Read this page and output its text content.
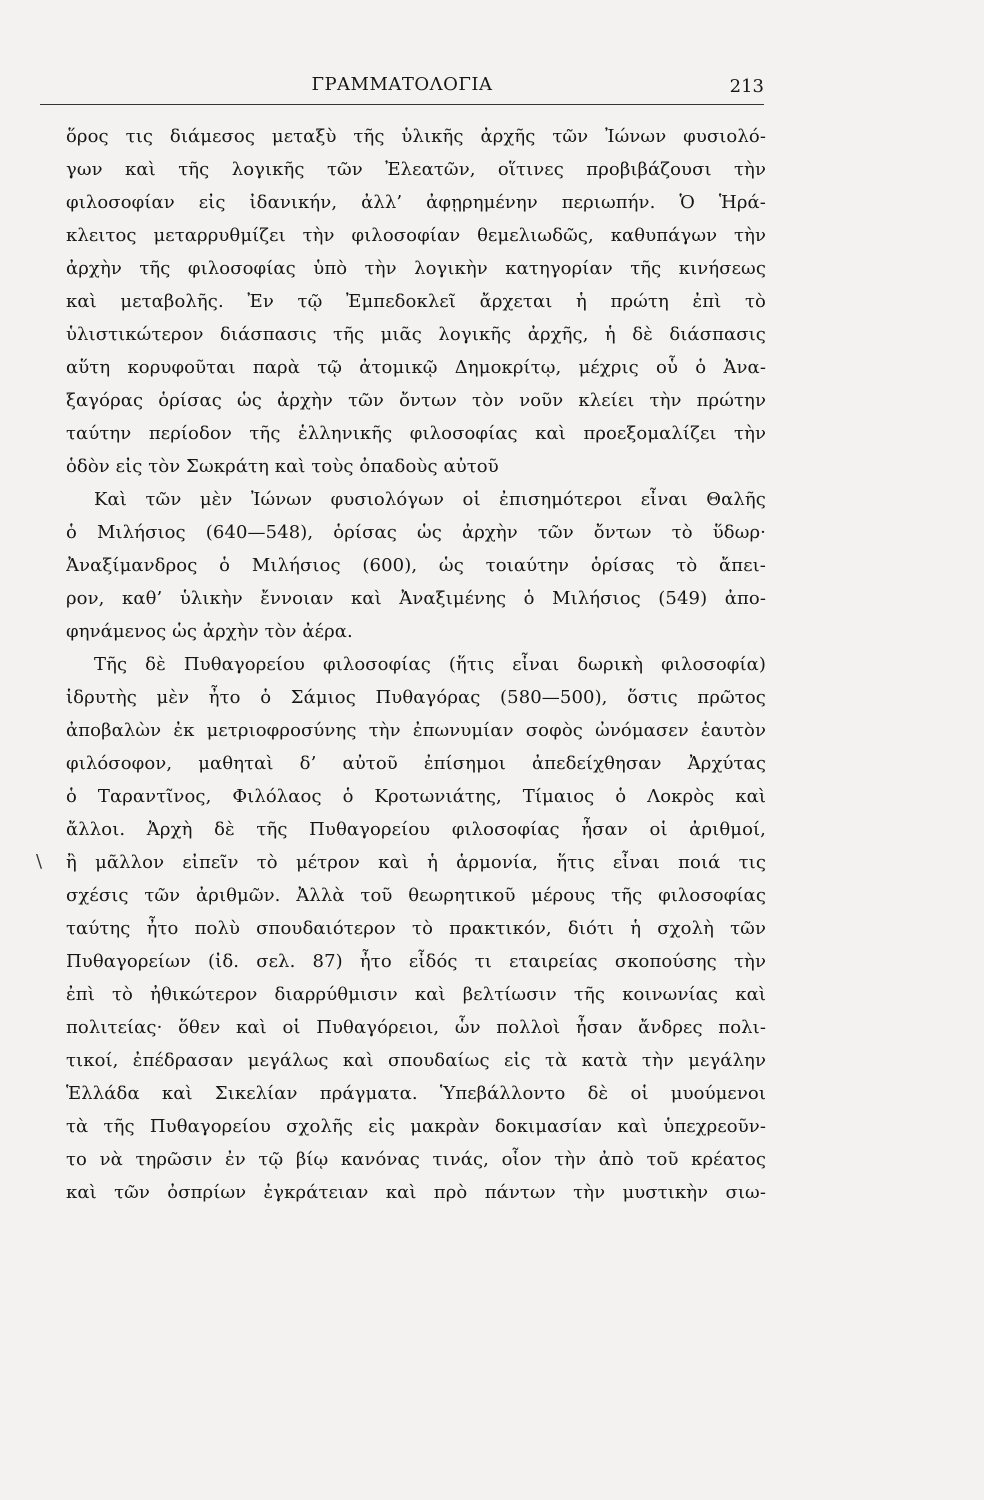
ΓΡΑΜΜΑΤΟΛΟΓΙΑ	213
\
ὅρος τις διάμεσος μεταξὺ τῆς ὑλικῆς ἀρχῆς τῶν Ἰώνων φυσιολό-
γων καὶ τῆς λογικῆς τῶν Ἐλεατῶν, οἵτινες προβιβάζουσι τὴν
φιλοσοφίαν εἰς ἰδανικήν, ἀλλ’ ἀφῃρημένην περιωπήν. Ὁ Ἡρά-
κλειτος μεταρρυθμίζει τὴν φιλοσοφίαν θεμελιωδῶς, καθυπάγων τὴν
ἀρχὴν τῆς φιλοσοφίας ὑπὸ τὴν λογικὴν κατηγορίαν τῆς κινήσεως
καὶ μεταβολῆς. Ἐν τῷ Ἐμπεδοκλεῖ ἄρχεται ἡ πρώτη ἐπὶ τὸ
ὑλιστικώτερον διάσπασις τῆς μιᾶς λογικῆς ἀρχῆς, ἡ δὲ διάσπασις
αὕτη κορυφοῦται παρὰ τῷ ἀτομικῷ Δημοκρίτῳ, μέχρις οὗ ὁ Ἀνα-
ξαγόρας ὁρίσας ὡς ἀρχὴν τῶν ὄντων τὸν νοῦν κλείει τὴν πρώτην
ταύτην περίοδον τῆς ἑλληνικῆς φιλοσοφίας καὶ προεξομαλίζει τὴν
ὁδὸν εἰς τὸν Σωκράτη καὶ τοὺς ὀπαδοὺς αὐτοῦ
Καὶ τῶν μὲν Ἰώνων φυσιολόγων οἱ ἐπισημότεροι εἶναι Θαλῆς
ὁ Μιλήσιος (640—548), ὁρίσας ὡς ἀρχὴν τῶν ὄντων τὸ ὕδωρ·
Ἀναξίμανδρος ὁ Μιλήσιος (600), ὡς τοιαύτην ὁρίσας τὸ ἄπει-
ρον, καθ’ ὑλικὴν ἔννοιαν καὶ Ἀναξιμένης ὁ Μιλήσιος (549) ἀπο-
φηνάμενος ὡς ἀρχὴν τὸν ἀέρα.
Τῆς δὲ Πυθαγορείου φιλοσοφίας (ἥτις εἶναι δωρικὴ φιλοσοφία)
ἱδρυτὴς μὲν ἦτο ὁ Σάμιος Πυθαγόρας (580—500), ὅστις πρῶτος
ἀποβαλὼν ἐκ μετριοφροσύνης τὴν ἐπωνυμίαν σοφὸς ὠνόμασεν ἑαυτὸν
φιλόσοφον, μαθηταὶ δ’ αὐτοῦ ἐπίσημοι ἀπεδείχθησαν Ἀρχύτας
ὁ Ταραντῖνος, Φιλόλαος ὁ Κροτωνιάτης, Τίμαιος ὁ Λοκρὸς καὶ
ἄλλοι. Ἀρχὴ δὲ τῆς Πυθαγορείου φιλοσοφίας ἦσαν οἱ ἀριθμοί,
ἢ μᾶλλον εἰπεῖν τὸ μέτρον καὶ ἡ ἁρμονία, ἥτις εἶναι ποιά τις
σχέσις τῶν ἀριθμῶν. Ἀλλὰ τοῦ θεωρητικοῦ μέρους τῆς φιλοσοφίας
ταύτης ἦτο πολὺ σπουδαιότερον τὸ πρακτικόν, διότι ἡ σχολὴ τῶν
Πυθαγορείων (ἰδ. σελ. 87) ἦτο εἶδός τι εταιρείας σκοπούσης τὴν
ἐπὶ τὸ ἠθικώτερον διαρρύθμισιν καὶ βελτίωσιν τῆς κοινωνίας καὶ
πολιτείας· ὅθεν καὶ οἱ Πυθαγόρειοι, ὧν πολλοὶ ἦσαν ἄνδρες πολι-
τικοί, ἐπέδρασαν μεγάλως καὶ σπουδαίως εἰς τὰ κατὰ τὴν μεγάλην
Ἑλλάδα καὶ Σικελίαν πράγματα. Ὑπεβάλλοντο δὲ οἱ μυούμενοι
τὰ τῆς Πυθαγορείου σχολῆς εἰς μακρὰν δοκιμασίαν καὶ ὑπεχρεοῦν-
το νὰ τηρῶσιν ἐν τῷ βίῳ κανόνας τινάς, οἷον τὴν ἀπὸ τοῦ κρέατος
καὶ τῶν ὀσπρίων ἐγκράτειαν καὶ πρὸ πάντων τὴν μυστικὴν σιω-
